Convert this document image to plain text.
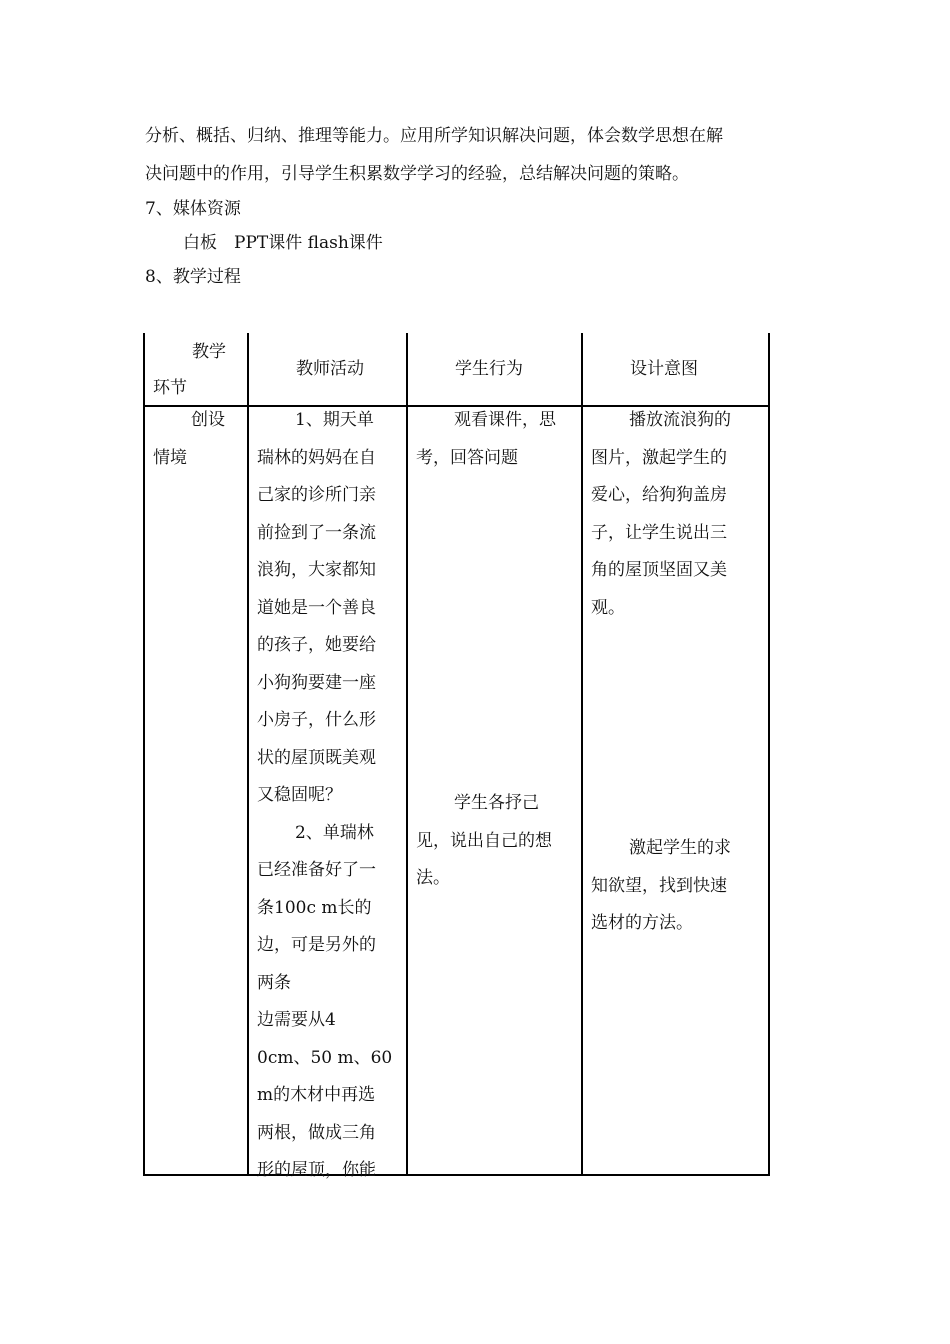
分析、概括、归纳、推理等能力。应用所学知识解决问题，体会数学思想在解
决问题中的作用，引导学生积累数学学习的经验，总结解决问题的策略。
7、媒体资源
白板　PPT课件 flash课件
8、教学过程
教学
环节
教师活动	学生行为	设计意图
创设
情境
1、期天单
瑞林的妈妈在自
己家的诊所门亲
前捡到了一条流
浪狗，大家都知
道她是一个善良
的孩子，她要给
小狗狗要建一座
小房子，什么形
状的屋顶既美观
又稳固呢？
2、单瑞林
已经准备好了一
条100c m长的
边，可是另外的
两条
边需要从4
0cm、50 m、60
m的木材中再选
两根，做成三角
形的屋顶，你能
观看课件，思
考，回答问题
学生各抒己
见，说出自己的想
法。
播放流浪狗的
图片，激起学生的
爱心，给狗狗盖房
子，让学生说出三
角的屋顶坚固又美
观。
激起学生的求
知欲望，找到快速
选材的方法。
